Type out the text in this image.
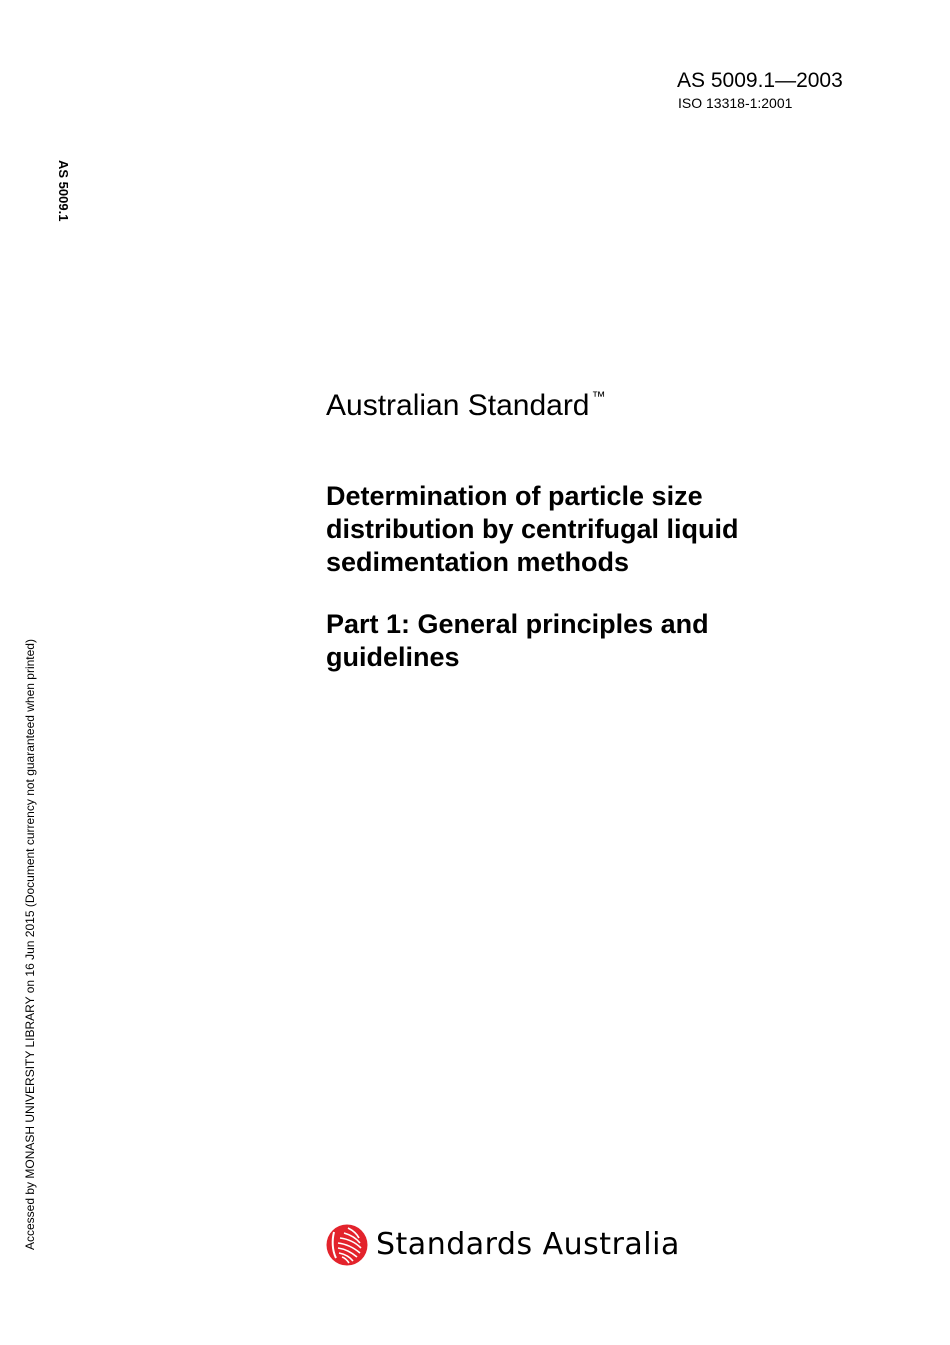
AS 5009.1—2003
ISO 13318-1:2001
AS 5009.1
Accessed by MONASH UNIVERSITY LIBRARY on 16 Jun 2015 (Document currency not guaranteed when printed)
Australian Standard ™
Determination of particle size
distribution by centrifugal liquid
sedimentation methods
Part 1: General principles and
guidelines
Standards Australia
